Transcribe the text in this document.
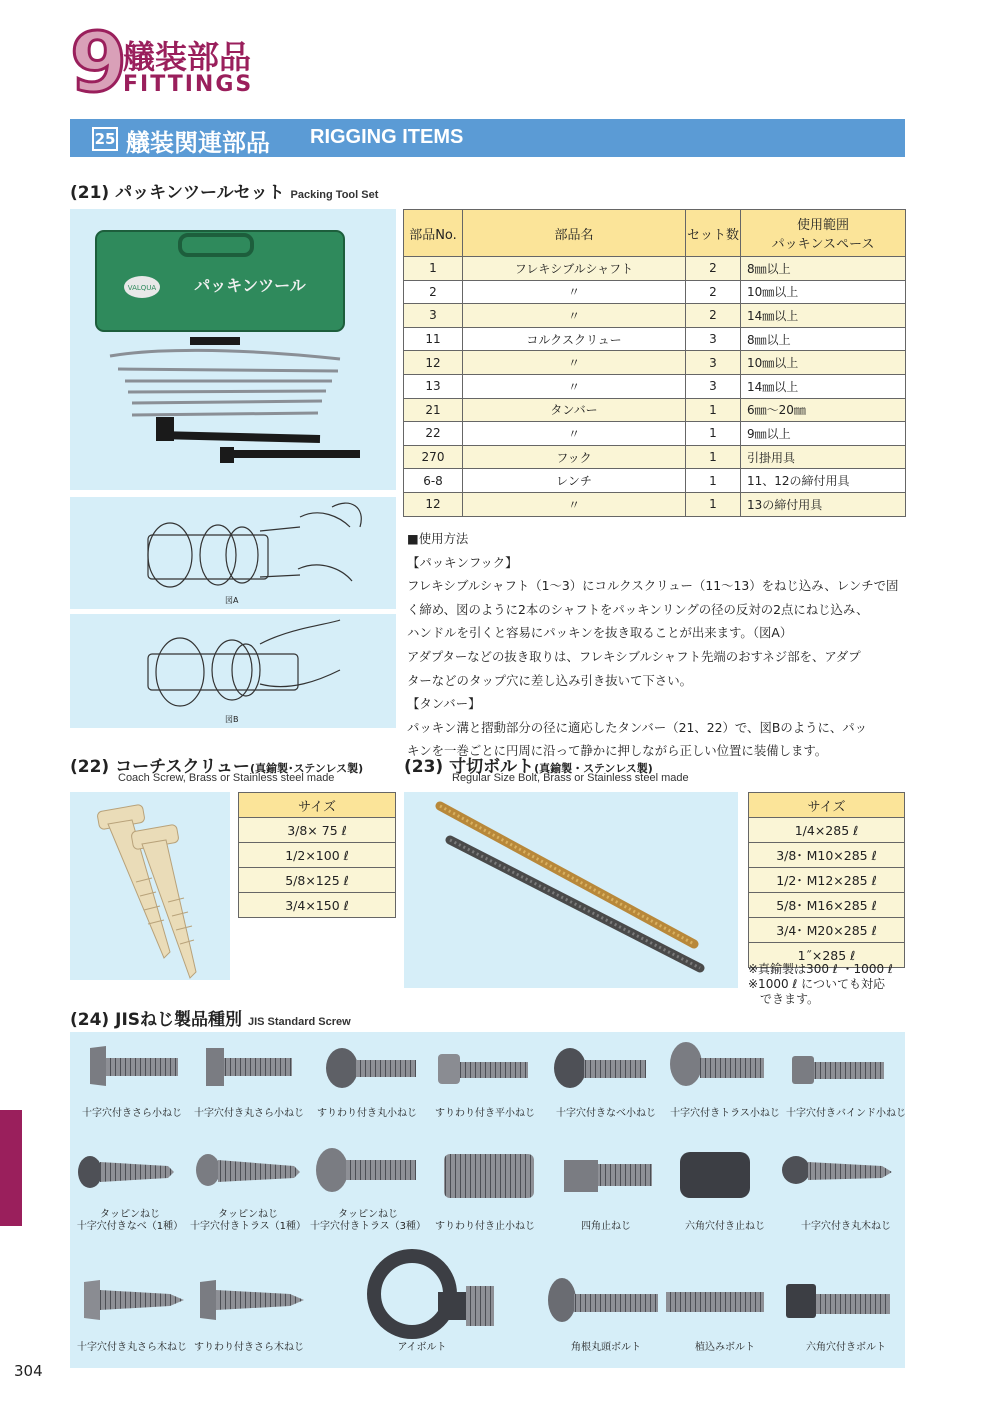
9
艤装部品
FITTINGS
25 艤装関連部品 RIGGING ITEMS
(21) パッキンツールセット Packing Tool Set
VALQUA パッキンツール
図A
図B
部品No.	部品名	セット数	使用範囲
パッキンスペース
1	フレキシブルシャフト	2	8㎜以上
2	〃	2	10㎜以上
3	〃	2	14㎜以上
11	コルクスクリュー	3	8㎜以上
12	〃	3	10㎜以上
13	〃	3	14㎜以上
21	タンバー	1	6㎜～20㎜
22	〃	1	9㎜以上
270	フック	1	引掛用具
6-8	レンチ	1	11、12の締付用具
12	〃	1	13の締付用具
■使用方法
【パッキンフック】
フレキシブルシャフト（1～3）にコルクスクリュー（11～13）をねじ込み、レンチで固
く締め、図のように2本のシャフトをパッキンリングの径の反対の2点にねじ込み、
ハンドルを引くと容易にパッキンを抜き取ることが出来ます。（図A）
アダプターなどの抜き取りは、フレキシブルシャフト先端のおすネジ部を、アダプ
ターなどのタップ穴に差し込み引き抜いて下さい。
【タンバー】
パッキン溝と摺動部分の径に適応したタンバー（21、22）で、図Bのように、パッ
キンを一巻ごとに円周に沿って静かに押しながら正しい位置に装備します。
(22) コーチスクリュー(真鍮製･ステンレス製)
Coach Screw, Brass or Stainless steel made
サイズ
3/8× 75 ℓ
1/2×100 ℓ
5/8×125 ℓ
3/4×150 ℓ
(23) 寸切ボルト(真鍮製・ステンレス製)
Regular Size Bolt, Brass or Stainless steel made
サイズ
1/4×285 ℓ
3/8･ M10×285 ℓ
1/2･ M12×285 ℓ
5/8･ M16×285 ℓ
3/4･ M20×285 ℓ
1˝×285 ℓ
※真鍮製は300 ℓ ・1000 ℓ
※1000 ℓ についても対応
　できます。
(24) JISねじ製品種別 JIS Standard Screw
十字穴付きさら小ねじ	十字穴付き丸さら小ねじ	すりわり付き丸小ねじ	すりわり付き平小ねじ	十字穴付きなべ小ねじ	十字穴付きトラス小ねじ 十字穴付きバインド小ねじ
タッピンねじ
十字穴付きなべ（1種）
タッピンねじ
十字穴付きトラス（1種）
タッピンねじ
十字穴付きトラス（3種） すりわり付き止小ねじ	四角止ねじ	六角穴付き止ねじ	十字穴付き丸木ねじ
十字穴付き丸さら木ねじ すりわり付きさら木ねじ	アイボルト	角根丸頭ボルト	植込みボルト	六角穴付きボルト
304
